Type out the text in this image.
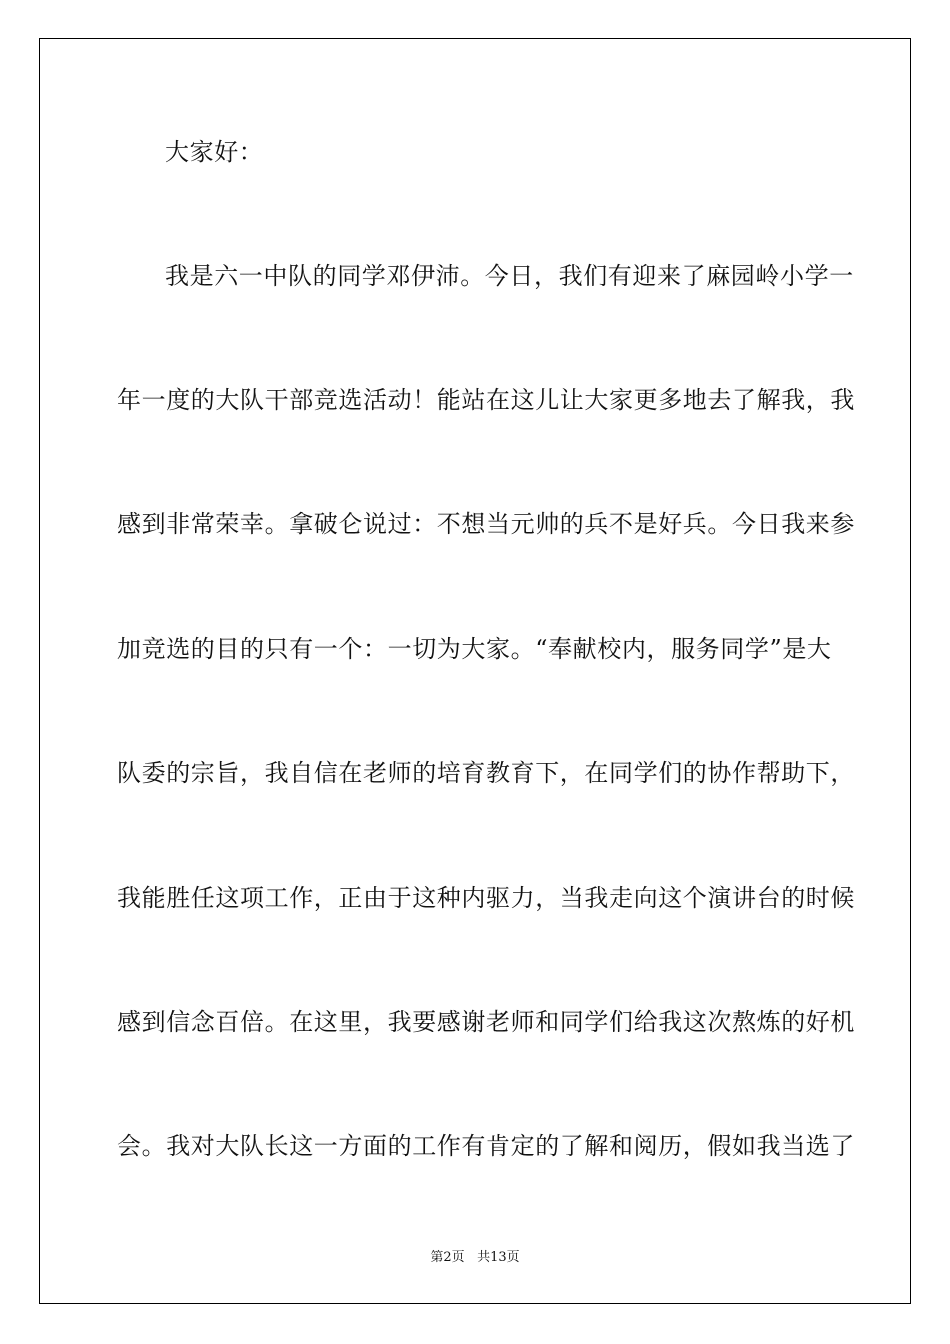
大家好：
我是六一中队的同学邓伊沛。今日，我们有迎来了麻园岭小学一
年一度的大队干部竞选活动！能站在这儿让大家更多地去了解我，我
感到非常荣幸。拿破仑说过：不想当元帅的兵不是好兵。今日我来参
加竞选的目的只有一个：一切为大家。“奉献校内，服务同学”是大
队委的宗旨，我自信在老师的培育教育下，在同学们的协作帮助下，
我能胜任这项工作，正由于这种内驱力，当我走向这个演讲台的时候
感到信念百倍。在这里，我要感谢老师和同学们给我这次熬炼的好机
会。我对大队长这一方面的工作有肯定的了解和阅历，假如我当选了
第2页 共13页
